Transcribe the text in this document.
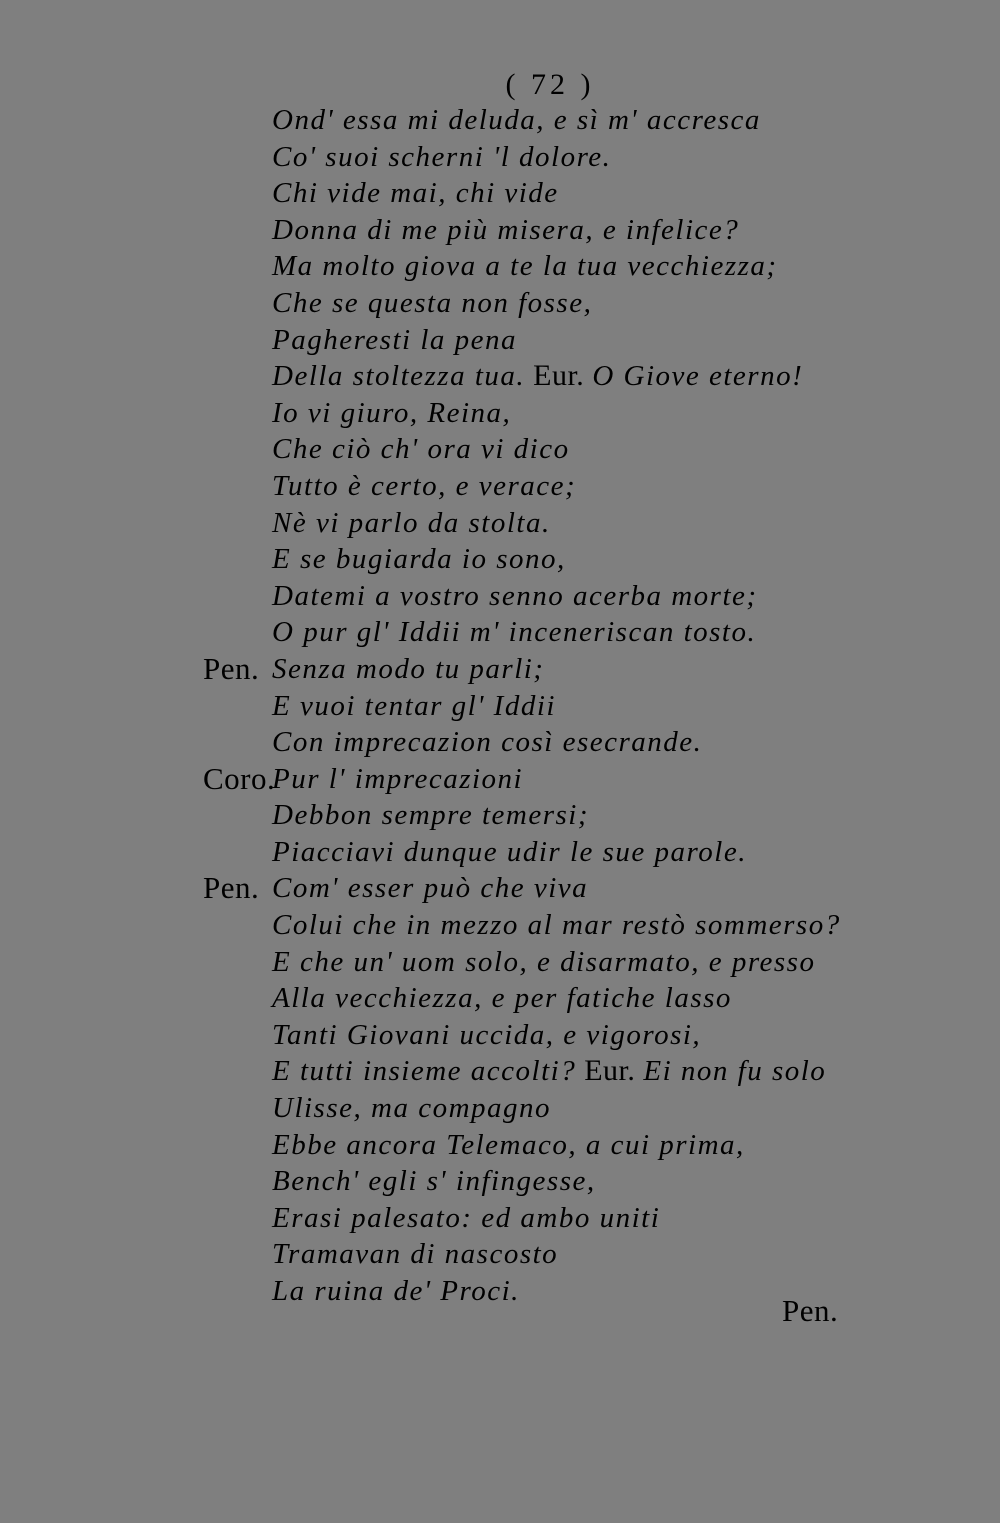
( 72 )
Ond' essa mi deluda, e sì m' accresca
Co' suoi scherni 'l dolore.
Chi vide mai, chi vide
Donna di me più misera, e infelice?
Ma molto giova a te la tua vecchiezza;
Che se questa non fosse,
Pagheresti la pena
Della stoltezza tua. Eur. O Giove eterno!
Io vi giuro, Reina,
Che ciò ch' ora vi dico
Tutto è certo, e verace;
Nè vi parlo da stolta.
E se bugiarda io sono,
Datemi a vostro senno acerba morte;
O pur gl' Iddii m' inceneriscan tosto.
Pen. Senza modo tu parli;
E vuoi tentar gl' Iddii
Con imprecazion così esecrande.
Coro.
Pur l' imprecazioni
Debbon sempre temersi;
Piacciavi dunque udir le sue parole.
Pen. Com' esser può che viva
Colui che in mezzo al mar restò sommerso?
E che un' uom solo, e disarmato, e presso
Alla vecchiezza, e per fatiche lasso
Tanti Giovani uccida, e vigorosi,
E tutti insieme accolti? Eur. Ei non fu solo
Ulisse, ma compagno
Ebbe ancora Telemaco, a cui prima,
Bench' egli s' infingesse,
Erasi palesato: ed ambo uniti
Tramavan di nascosto
La ruina de' Proci.
Pen.
